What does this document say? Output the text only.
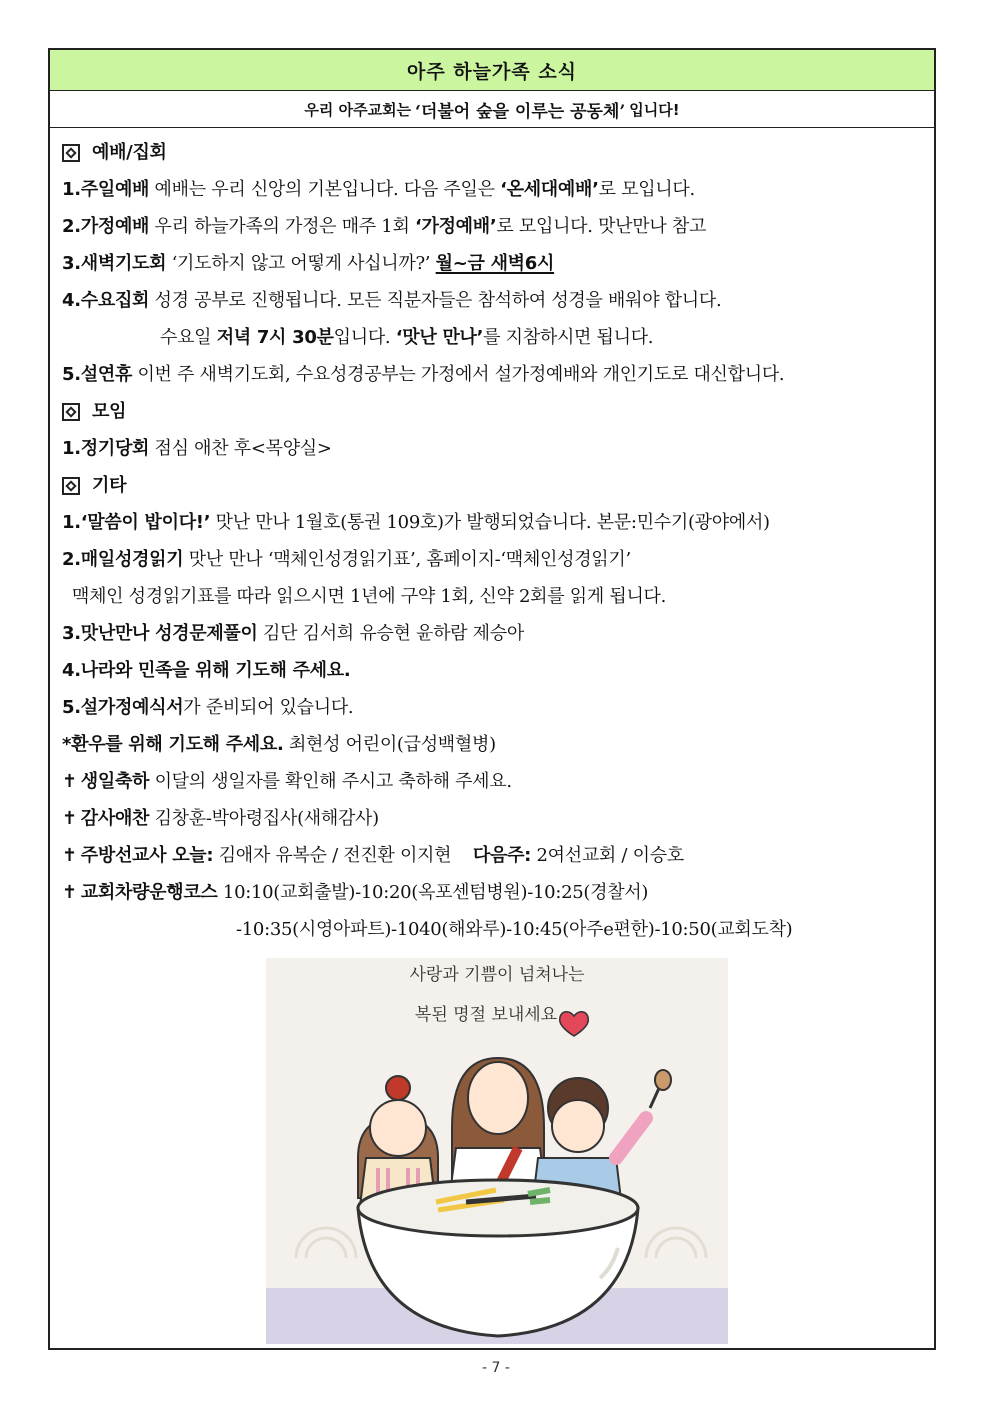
아주 하늘가족 소식
우리 아주교회는 ‘더불어 숲을 이루는 공동체’ 입니다!
예배/집회
1.주일예배 예배는 우리 신앙의 기본입니다. 다음 주일은 ‘온세대예배’로 모입니다.
2.가정예배 우리 하늘가족의 가정은 매주 1회 ‘가정예배’로 모입니다. 맛난만나 참고
3.새벽기도회 ‘기도하지 않고 어떻게 사십니까?’ 월~금 새벽6시
4.수요집회 성경 공부로 진행됩니다. 모든 직분자들은 참석하여 성경을 배워야 합니다.
수요일 저녁 7시 30분입니다. ‘맛난 만나’를 지참하시면 됩니다.
5.설연휴 이번 주 새벽기도회, 수요성경공부는 가정에서 설가정예배와 개인기도로 대신합니다.
모임
1.정기당회 점심 애찬 후<목양실>
기타
1.‘말씀이 밥이다!’ 맛난 만나 1월호(통권 109호)가 발행되었습니다. 본문:민수기(광야에서)
2.매일성경읽기 맛난 만나 ‘맥체인성경읽기표’, 홈페이지-‘맥체인성경읽기’
맥체인 성경읽기표를 따라 읽으시면 1년에 구약 1회, 신약 2회를 읽게 됩니다.
3.맛난만나 성경문제풀이 김단 김서희 유승현 윤하람 제승아
4.나라와 민족을 위해 기도해 주세요.
5.설가정예식서가 준비되어 있습니다.
*환우를 위해 기도해 주세요. 최현성 어린이(급성백혈병)
✝ 생일축하 이달의 생일자를 확인해 주시고 축하해 주세요.
✝ 감사애찬 김창훈-박아령집사(새해감사)
✝ 주방선교사 오늘: 김애자 유복순 / 전진환 이지현    다음주: 2여선교회 / 이승호
✝ 교회차량운행코스 10:10(교회출발)-10:20(옥포센텀병원)-10:25(경찰서)
-10:35(시영아파트)-1040(해와루)-10:45(아주e편한)-10:50(교회도착)
사랑과 기쁨이 넘쳐나는
복된 명절 보내세요
- 7 -
